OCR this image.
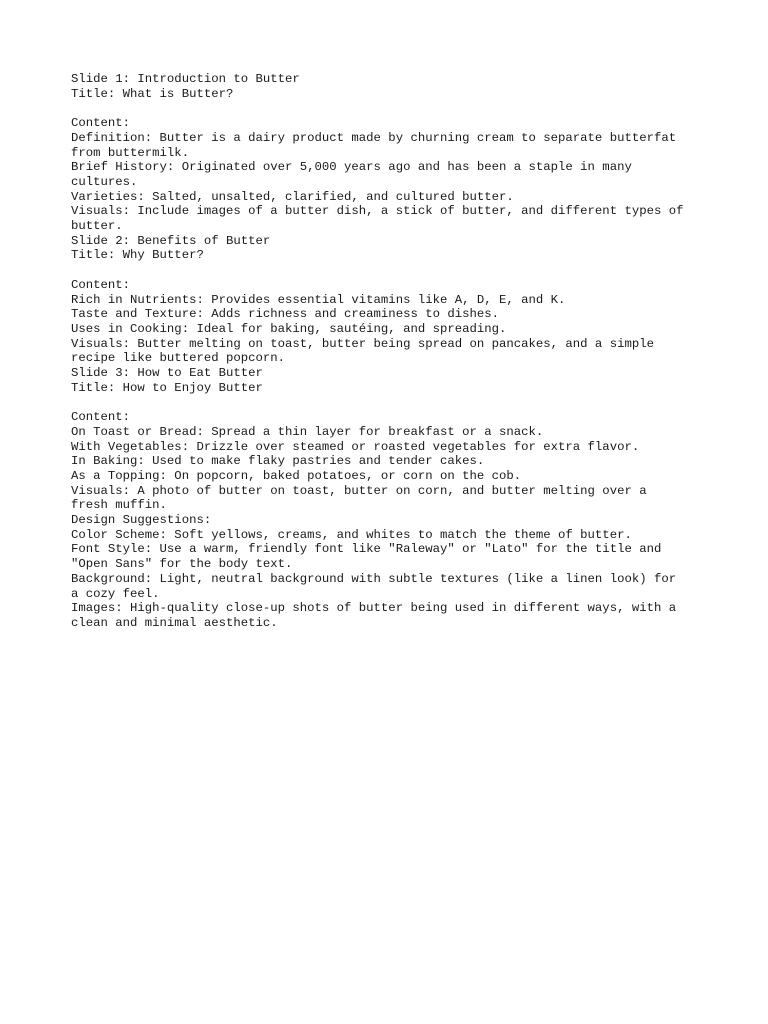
Slide 1: Introduction to Butter
Title: What is Butter?
Content:
Definition: Butter is a dairy product made by churning cream to separate butterfat
from buttermilk.
Brief History: Originated over 5,000 years ago and has been a staple in many
cultures.
Varieties: Salted, unsalted, clarified, and cultured butter.
Visuals: Include images of a butter dish, a stick of butter, and different types of
butter.
Slide 2: Benefits of Butter
Title: Why Butter?
Content:
Rich in Nutrients: Provides essential vitamins like A, D, E, and K.
Taste and Texture: Adds richness and creaminess to dishes.
Uses in Cooking: Ideal for baking, sautéing, and spreading.
Visuals: Butter melting on toast, butter being spread on pancakes, and a simple
recipe like buttered popcorn.
Slide 3: How to Eat Butter
Title: How to Enjoy Butter
Content:
On Toast or Bread: Spread a thin layer for breakfast or a snack.
With Vegetables: Drizzle over steamed or roasted vegetables for extra flavor.
In Baking: Used to make flaky pastries and tender cakes.
As a Topping: On popcorn, baked potatoes, or corn on the cob.
Visuals: A photo of butter on toast, butter on corn, and butter melting over a
fresh muffin.
Design Suggestions:
Color Scheme: Soft yellows, creams, and whites to match the theme of butter.
Font Style: Use a warm, friendly font like "Raleway" or "Lato" for the title and
"Open Sans" for the body text.
Background: Light, neutral background with subtle textures (like a linen look) for
a cozy feel.
Images: High-quality close-up shots of butter being used in different ways, with a
clean and minimal aesthetic.
